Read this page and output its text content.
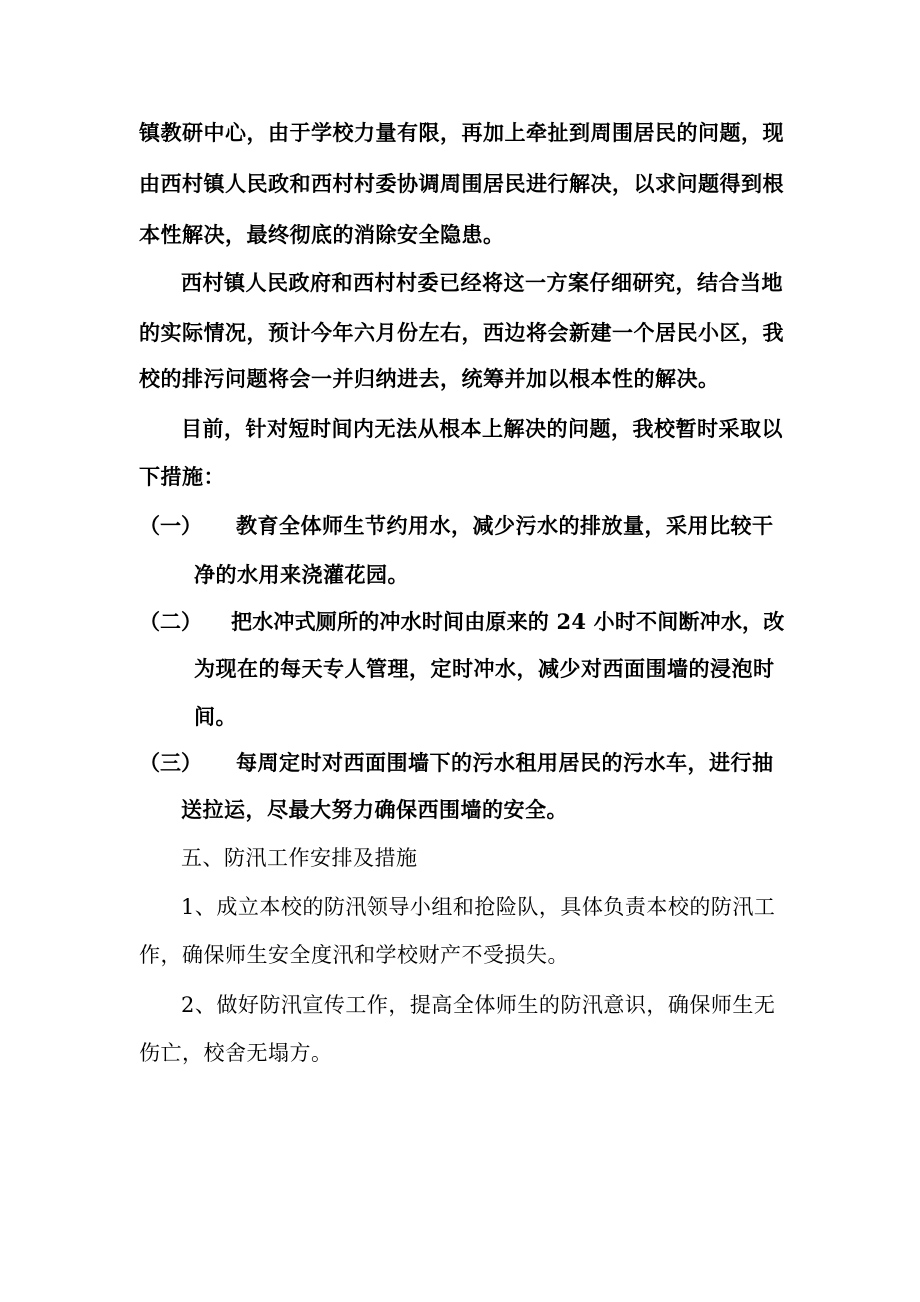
镇教研中心，由于学校力量有限，再加上牵扯到周围居民的问题，现
由西村镇人民政和西村村委协调周围居民进行解决，以求问题得到根
本性解决，最终彻底的消除安全隐患。
西村镇人民政府和西村村委已经将这一方案仔细研究，结合当地
的实际情况，预计今年六月份左右，西边将会新建一个居民小区，我
校的排污问题将会一并归纳进去，统筹并加以根本性的解决。
目前，针对短时间内无法从根本上解决的问题，我校暂时采取以
下措施：
（一） 教育全体师生节约用水，减少污水的排放量，采用比较干
净的水用来浇灌花园。
（二） 把水冲式厕所的冲水时间由原来的 24 小时不间断冲水，改
为现在的每天专人管理，定时冲水，减少对西面围墙的浸泡时
间。
（三） 每周定时对西面围墙下的污水租用居民的污水车，进行抽
送拉运，尽最大努力确保西围墙的安全。
五、防汛工作安排及措施
1、成立本校的防汛领导小组和抢险队，具体负责本校的防汛工
作，确保师生安全度汛和学校财产不受损失。
2、做好防汛宣传工作，提高全体师生的防汛意识，确保师生无
伤亡，校舍无塌方。
